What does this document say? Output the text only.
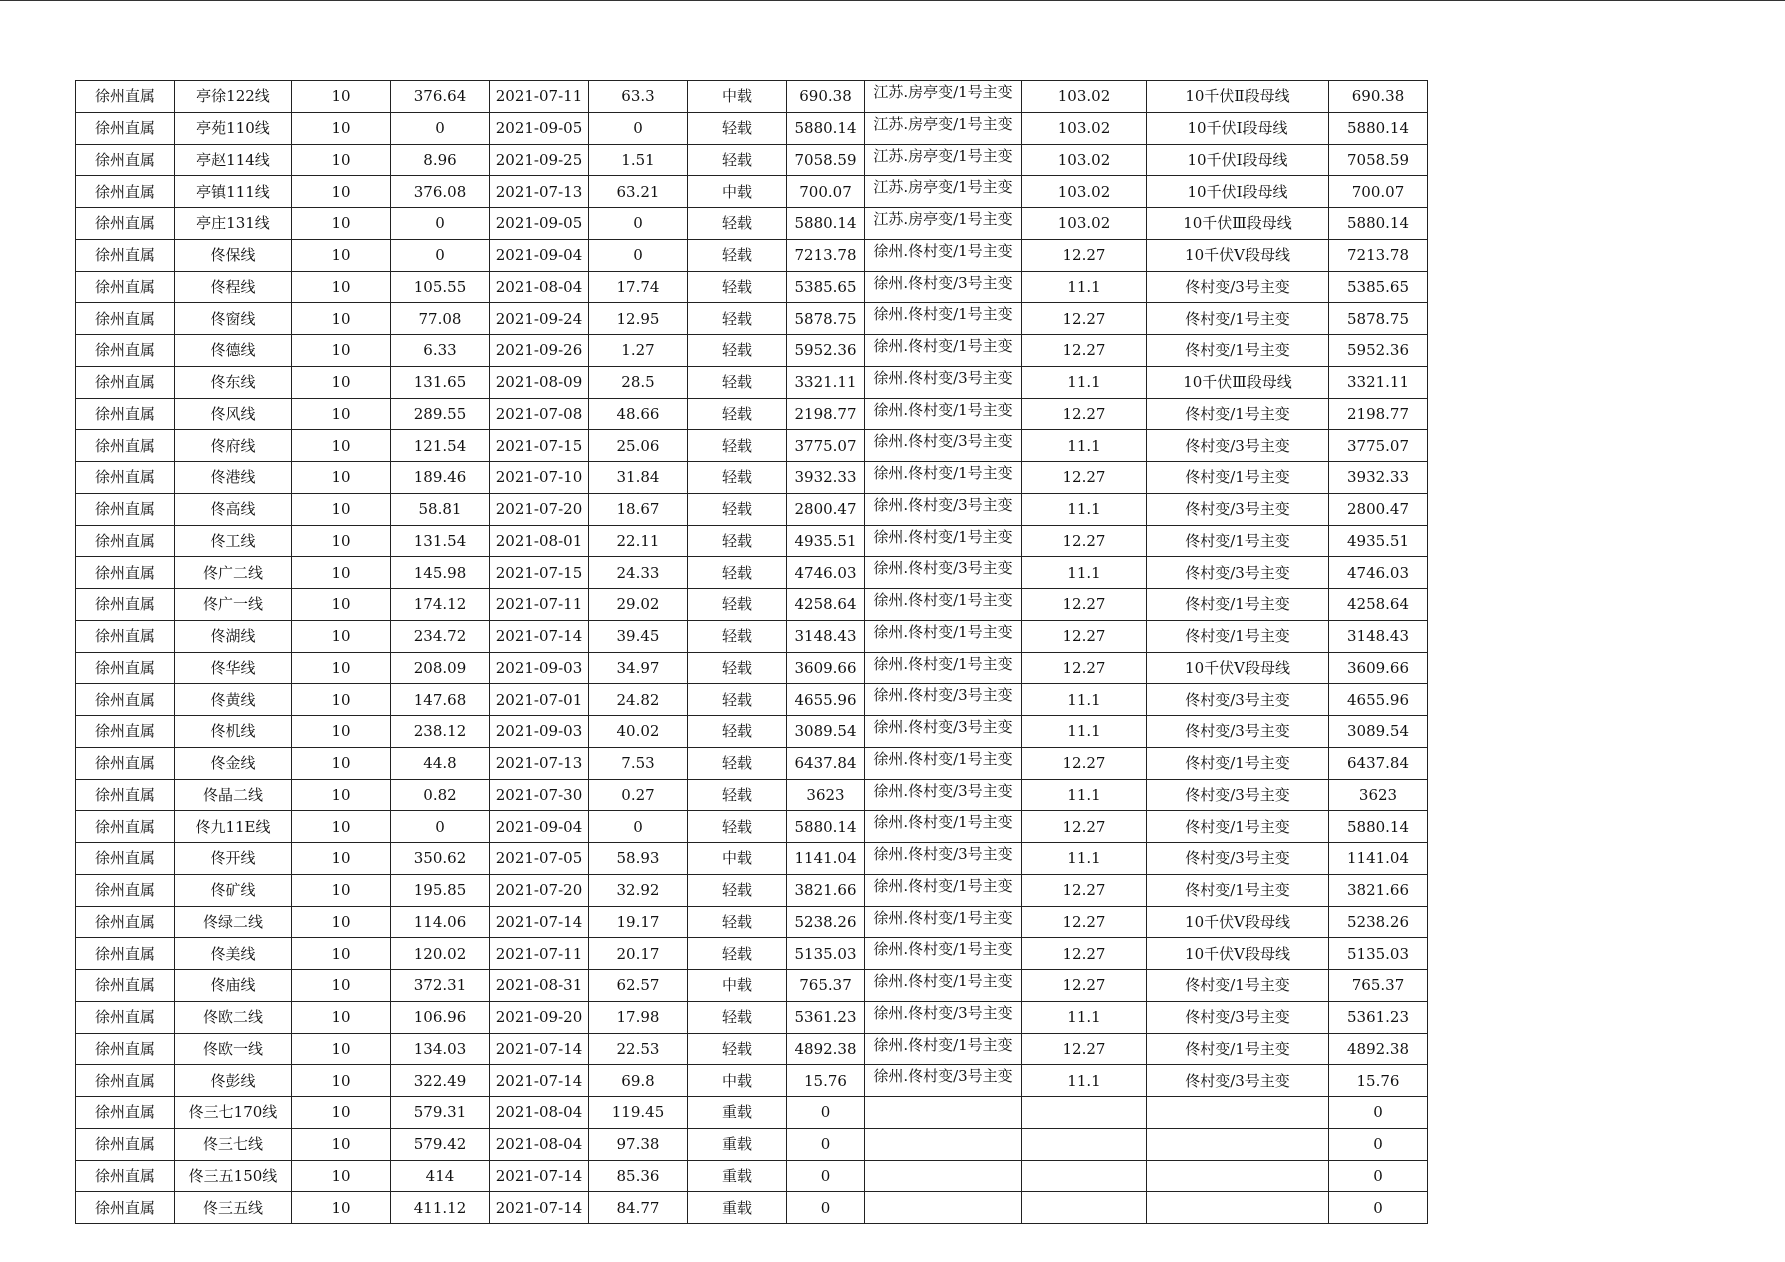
徐州直属	亭徐122线	10	376.64	2021-07-11	63.3	中载	690.38	江苏.房亭变/1号主变	103.02	10千伏Ⅱ段母线	690.38
徐州直属	亭苑110线	10	0	2021-09-05	0	轻载	5880.14	江苏.房亭变/1号主变	103.02	10千伏Ⅰ段母线	5880.14
徐州直属	亭赵114线	10	8.96	2021-09-25	1.51	轻载	7058.59	江苏.房亭变/1号主变	103.02	10千伏Ⅰ段母线	7058.59
徐州直属	亭镇111线	10	376.08	2021-07-13	63.21	中载	700.07	江苏.房亭变/1号主变	103.02	10千伏Ⅰ段母线	700.07
徐州直属	亭庄131线	10	0	2021-09-05	0	轻载	5880.14	江苏.房亭变/1号主变	103.02	10千伏Ⅲ段母线	5880.14
徐州直属	佟保线	10	0	2021-09-04	0	轻载	7213.78	徐州.佟村变/1号主变	12.27	10千伏Ⅴ段母线	7213.78
徐州直属	佟程线	10	105.55	2021-08-04	17.74	轻载	5385.65	徐州.佟村变/3号主变	11.1	佟村变/3号主变	5385.65
徐州直属	佟窗线	10	77.08	2021-09-24	12.95	轻载	5878.75	徐州.佟村变/1号主变	12.27	佟村变/1号主变	5878.75
徐州直属	佟德线	10	6.33	2021-09-26	1.27	轻载	5952.36	徐州.佟村变/1号主变	12.27	佟村变/1号主变	5952.36
徐州直属	佟东线	10	131.65	2021-08-09	28.5	轻载	3321.11	徐州.佟村变/3号主变	11.1	10千伏Ⅲ段母线	3321.11
徐州直属	佟风线	10	289.55	2021-07-08	48.66	轻载	2198.77	徐州.佟村变/1号主变	12.27	佟村变/1号主变	2198.77
徐州直属	佟府线	10	121.54	2021-07-15	25.06	轻载	3775.07	徐州.佟村变/3号主变	11.1	佟村变/3号主变	3775.07
徐州直属	佟港线	10	189.46	2021-07-10	31.84	轻载	3932.33	徐州.佟村变/1号主变	12.27	佟村变/1号主变	3932.33
徐州直属	佟高线	10	58.81	2021-07-20	18.67	轻载	2800.47	徐州.佟村变/3号主变	11.1	佟村变/3号主变	2800.47
徐州直属	佟工线	10	131.54	2021-08-01	22.11	轻载	4935.51	徐州.佟村变/1号主变	12.27	佟村变/1号主变	4935.51
徐州直属	佟广二线	10	145.98	2021-07-15	24.33	轻载	4746.03	徐州.佟村变/3号主变	11.1	佟村变/3号主变	4746.03
徐州直属	佟广一线	10	174.12	2021-07-11	29.02	轻载	4258.64	徐州.佟村变/1号主变	12.27	佟村变/1号主变	4258.64
徐州直属	佟湖线	10	234.72	2021-07-14	39.45	轻载	3148.43	徐州.佟村变/1号主变	12.27	佟村变/1号主变	3148.43
徐州直属	佟华线	10	208.09	2021-09-03	34.97	轻载	3609.66	徐州.佟村变/1号主变	12.27	10千伏Ⅴ段母线	3609.66
徐州直属	佟黄线	10	147.68	2021-07-01	24.82	轻载	4655.96	徐州.佟村变/3号主变	11.1	佟村变/3号主变	4655.96
徐州直属	佟机线	10	238.12	2021-09-03	40.02	轻载	3089.54	徐州.佟村变/3号主变	11.1	佟村变/3号主变	3089.54
徐州直属	佟金线	10	44.8	2021-07-13	7.53	轻载	6437.84	徐州.佟村变/1号主变	12.27	佟村变/1号主变	6437.84
徐州直属	佟晶二线	10	0.82	2021-07-30	0.27	轻载	3623	徐州.佟村变/3号主变	11.1	佟村变/3号主变	3623
徐州直属	佟九11E线	10	0	2021-09-04	0	轻载	5880.14	徐州.佟村变/1号主变	12.27	佟村变/1号主变	5880.14
徐州直属	佟开线	10	350.62	2021-07-05	58.93	中载	1141.04	徐州.佟村变/3号主变	11.1	佟村变/3号主变	1141.04
徐州直属	佟矿线	10	195.85	2021-07-20	32.92	轻载	3821.66	徐州.佟村变/1号主变	12.27	佟村变/1号主变	3821.66
徐州直属	佟绿二线	10	114.06	2021-07-14	19.17	轻载	5238.26	徐州.佟村变/1号主变	12.27	10千伏Ⅴ段母线	5238.26
徐州直属	佟美线	10	120.02	2021-07-11	20.17	轻载	5135.03	徐州.佟村变/1号主变	12.27	10千伏Ⅴ段母线	5135.03
徐州直属	佟庙线	10	372.31	2021-08-31	62.57	中载	765.37	徐州.佟村变/1号主变	12.27	佟村变/1号主变	765.37
徐州直属	佟欧二线	10	106.96	2021-09-20	17.98	轻载	5361.23	徐州.佟村变/3号主变	11.1	佟村变/3号主变	5361.23
徐州直属	佟欧一线	10	134.03	2021-07-14	22.53	轻载	4892.38	徐州.佟村变/1号主变	12.27	佟村变/1号主变	4892.38
徐州直属	佟彭线	10	322.49	2021-07-14	69.8	中载	15.76	徐州.佟村变/3号主变	11.1	佟村变/3号主变	15.76
徐州直属	佟三七170线	10	579.31	2021-08-04	119.45	重载	0				0
徐州直属	佟三七线	10	579.42	2021-08-04	97.38	重载	0				0
徐州直属	佟三五150线	10	414	2021-07-14	85.36	重载	0				0
徐州直属	佟三五线	10	411.12	2021-07-14	84.77	重载	0				0
